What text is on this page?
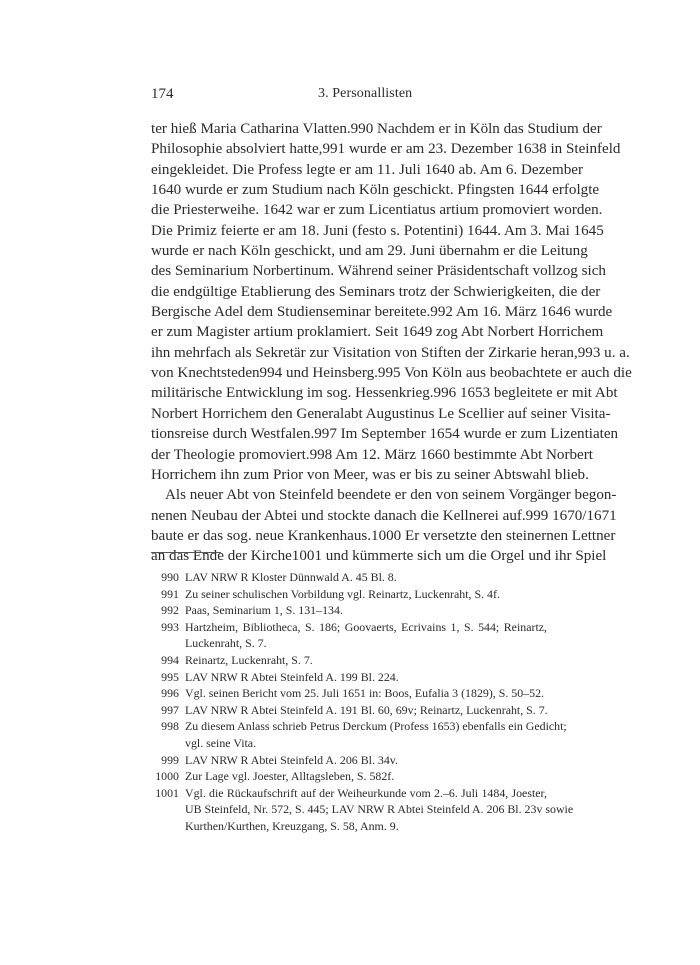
174	3. Personallisten
ter hieß Maria Catharina Vlatten.990 Nachdem er in Köln das Studium der
Philosophie absolviert hatte,991 wurde er am 23. Dezember 1638 in Steinfeld
eingekleidet. Die Profess legte er am 11. Juli 1640 ab. Am 6. Dezember
1640 wurde er zum Studium nach Köln geschickt. Pfingsten 1644 erfolgte
die Priesterweihe. 1642 war er zum Licentiatus artium promoviert worden.
Die Primiz feierte er am 18. Juni (festo s. Potentini) 1644. Am 3. Mai 1645
wurde er nach Köln geschickt, und am 29. Juni übernahm er die Leitung
des Seminarium Norbertinum. Während seiner Präsidentschaft vollzog sich
die endgültige Etablierung des Seminars trotz der Schwierigkeiten, die der
Bergische Adel dem Studienseminar bereitete.992 Am 16. März 1646 wurde
er zum Magister artium proklamiert. Seit 1649 zog Abt Norbert Horrichem
ihn mehrfach als Sekretär zur Visitation von Stiften der Zirkarie heran,993 u. a.
von Knechtsteden994 und Heinsberg.995 Von Köln aus beobachtete er auch die
militärische Entwicklung im sog. Hessenkrieg.996 1653 begleitete er mit Abt
Norbert Horrichem den Generalabt Augustinus Le Scellier auf seiner Visita-
tionsreise durch Westfalen.997 Im September 1654 wurde er zum Lizentiaten
der Theologie promoviert.998 Am 12. März 1660 bestimmte Abt Norbert
Horrichem ihn zum Prior von Meer, was er bis zu seiner Abtswahl blieb.
Als neuer Abt von Steinfeld beendete er den von seinem Vorgänger begon-
nenen Neubau der Abtei und stockte danach die Kellnerei auf.999 1670/1671
baute er das sog. neue Krankenhaus.1000 Er versetzte den steinernen Lettner
an das Ende der Kirche1001 und kümmerte sich um die Orgel und ihr Spiel
990 LAV NRW R Kloster Dünnwald A. 45 Bl. 8.
991 Zu seiner schulischen Vorbildung vgl. Reinartz, Luckenraht, S. 4f.
992 Paas, Seminarium 1, S. 131–134.
993 Hartzheim, Bibliotheca, S. 186; Goovaerts, Ecrivains 1, S. 544; Reinartz,
Luckenraht, S. 7.
994 Reinartz, Luckenraht, S. 7.
995 LAV NRW R Abtei Steinfeld A. 199 Bl. 224.
996 Vgl. seinen Bericht vom 25. Juli 1651 in: Boos, Eufalia 3 (1829), S. 50–52.
997 LAV NRW R Abtei Steinfeld A. 191 Bl. 60, 69v; Reinartz, Luckenraht, S. 7.
998 Zu diesem Anlass schrieb Petrus Derckum (Profess 1653) ebenfalls ein Gedicht;
vgl. seine Vita.
999 LAV NRW R Abtei Steinfeld A. 206 Bl. 34v.
1000 Zur Lage vgl. Joester, Alltagsleben, S. 582f.
1001 Vgl. die Rückaufschrift auf der Weiheurkunde vom 2.–6. Juli 1484, Joester,
UB Steinfeld, Nr. 572, S. 445; LAV NRW R Abtei Steinfeld A. 206 Bl. 23v sowie
Kurthen/Kurthen, Kreuzgang, S. 58, Anm. 9.
